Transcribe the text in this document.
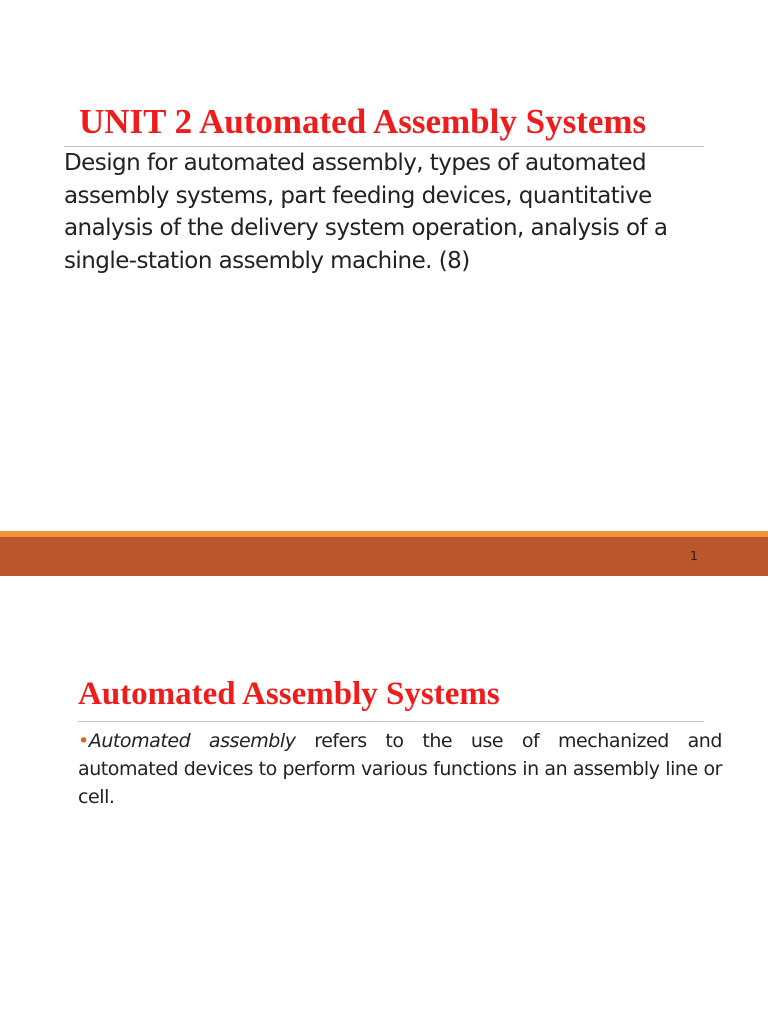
UNIT 2 Automated Assembly Systems

Design for automated assembly, types of automated assembly systems, part feeding devices, quantitative analysis of the delivery system operation, analysis of a single-station assembly machine. (8)

1
Automated Assembly Systems

•Automated assembly refers to the use of mechanized and automated devices to perform various functions in an assembly line or cell.
